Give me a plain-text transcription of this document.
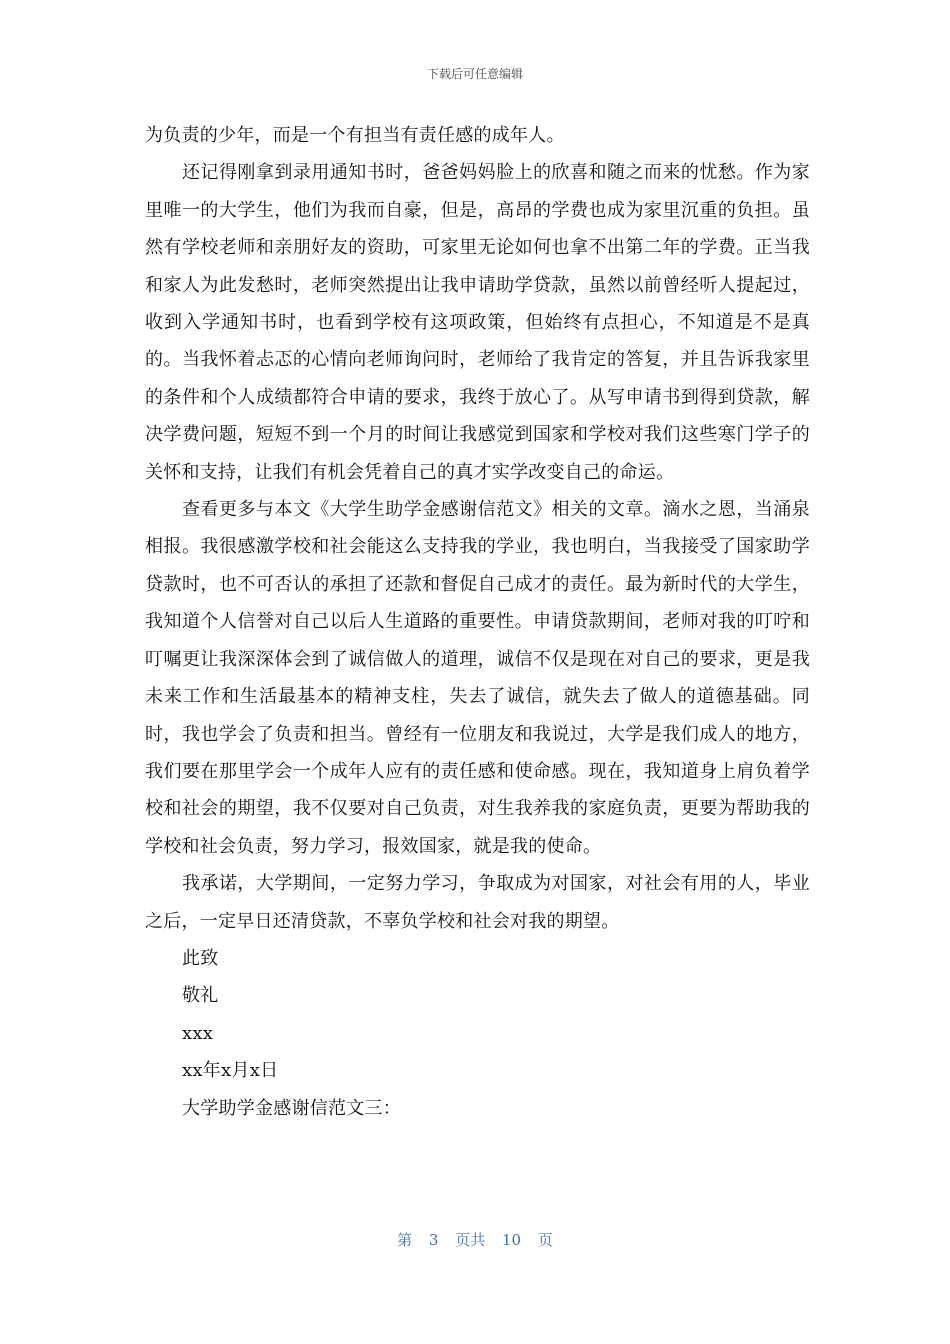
下载后可任意编辑

为负责的少年，而是一个有担当有责任感的成年人。

还记得刚拿到录用通知书时，爸爸妈妈脸上的欣喜和随之而来的忧愁。作为家里唯一的大学生，他们为我而自豪，但是，高昂的学费也成为家里沉重的负担。虽然有学校老师和亲朋好友的资助，可家里无论如何也拿不出第二年的学费。正当我和家人为此发愁时，老师突然提出让我申请助学贷款，虽然以前曾经听人提起过，收到入学通知书时，也看到学校有这项政策，但始终有点担心，不知道是不是真的。当我怀着忐忑的心情向老师询问时，老师给了我肯定的答复，并且告诉我家里的条件和个人成绩都符合申请的要求，我终于放心了。从写申请书到得到贷款，解决学费问题，短短不到一个月的时间让我感觉到国家和学校对我们这些寒门学子的关怀和支持，让我们有机会凭着自己的真才实学改变自己的命运。

查看更多与本文《大学生助学金感谢信范文》相关的文章。滴水之恩，当涌泉相报。我很感激学校和社会能这么支持我的学业，我也明白，当我接受了国家助学贷款时，也不可否认的承担了还款和督促自己成才的责任。最为新时代的大学生，我知道个人信誉对自己以后人生道路的重要性。申请贷款期间，老师对我的叮咛和叮嘱更让我深深体会到了诚信做人的道理，诚信不仅是现在对自己的要求，更是我未来工作和生活最基本的精神支柱，失去了诚信，就失去了做人的道德基础。同时，我也学会了负责和担当。曾经有一位朋友和我说过，大学是我们成人的地方，我们要在那里学会一个成年人应有的责任感和使命感。现在，我知道身上肩负着学校和社会的期望，我不仅要对自己负责，对生我养我的家庭负责，更要为帮助我的学校和社会负责，努力学习，报效国家，就是我的使命。

我承诺，大学期间，一定努力学习，争取成为对国家，对社会有用的人，毕业之后，一定早日还清贷款，不辜负学校和社会对我的期望。

此致

敬礼

xxx

xx年x月x日

大学助学金感谢信范文三：

第 3 页共 10 页
